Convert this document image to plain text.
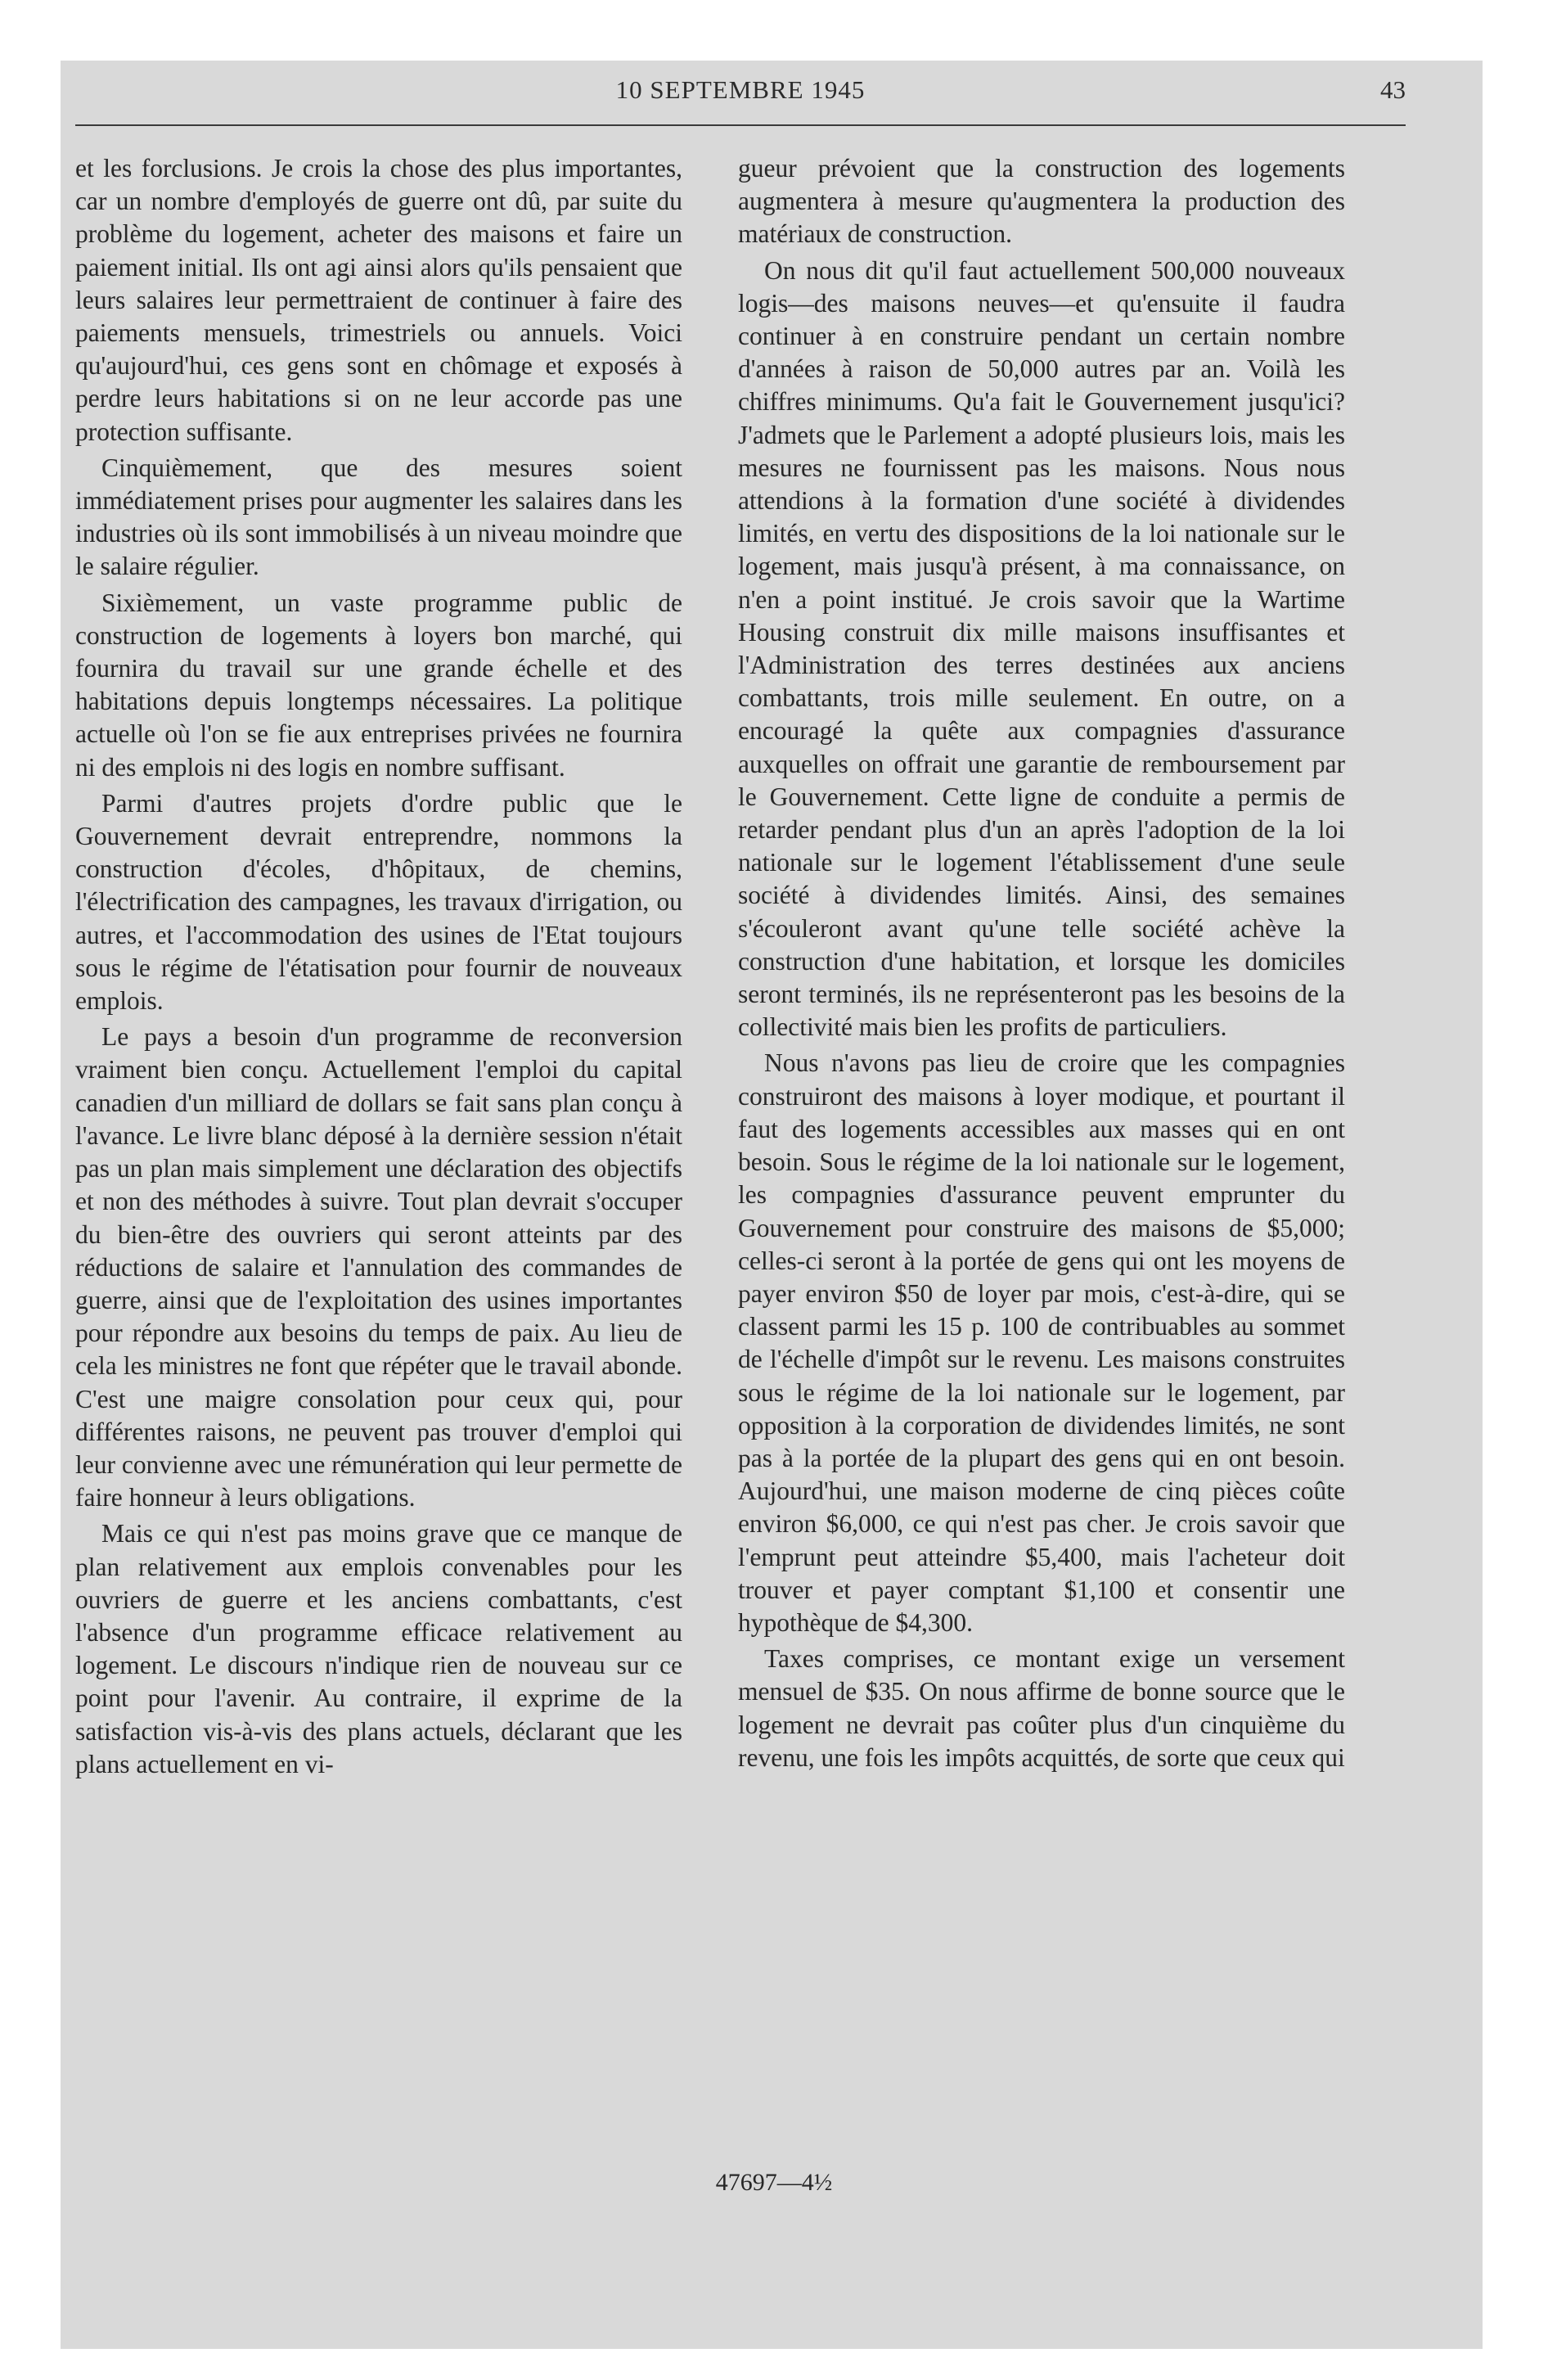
10 SEPTEMBRE 1945	43

et les forclusions. Je crois la chose des plus importantes, car un nombre d'employés de guerre ont dû, par suite du problème du logement, acheter des maisons et faire un paiement initial. Ils ont agi ainsi alors qu'ils pensaient que leurs salaires leur permettraient de continuer à faire des paiements mensuels, trimestriels ou annuels. Voici qu'aujourd'hui, ces gens sont en chômage et exposés à perdre leurs habitations si on ne leur accorde pas une protection suffisante.

Cinquièmement, que des mesures soient immédiatement prises pour augmenter les salaires dans les industries où ils sont immobilisés à un niveau moindre que le salaire régulier.

Sixièmement, un vaste programme public de construction de logements à loyers bon marché, qui fournira du travail sur une grande échelle et des habitations depuis longtemps nécessaires. La politique actuelle où l'on se fie aux entreprises privées ne fournira ni des emplois ni des logis en nombre suffisant.

Parmi d'autres projets d'ordre public que le Gouvernement devrait entreprendre, nommons la construction d'écoles, d'hôpitaux, de chemins, l'électrification des campagnes, les travaux d'irrigation, ou autres, et l'accommodation des usines de l'Etat toujours sous le régime de l'étatisation pour fournir de nouveaux emplois.

Le pays a besoin d'un programme de reconversion vraiment bien conçu. Actuellement l'emploi du capital canadien d'un milliard de dollars se fait sans plan conçu à l'avance. Le livre blanc déposé à la dernière session n'était pas un plan mais simplement une déclaration des objectifs et non des méthodes à suivre. Tout plan devrait s'occuper du bien-être des ouvriers qui seront atteints par des réductions de salaire et l'annulation des commandes de guerre, ainsi que de l'exploitation des usines importantes pour répondre aux besoins du temps de paix. Au lieu de cela les ministres ne font que répéter que le travail abonde. C'est une maigre consolation pour ceux qui, pour différentes raisons, ne peuvent pas trouver d'emploi qui leur convienne avec une rémunération qui leur permette de faire honneur à leurs obligations.

Mais ce qui n'est pas moins grave que ce manque de plan relativement aux emplois convenables pour les ouvriers de guerre et les anciens combattants, c'est l'absence d'un programme efficace relativement au logement. Le discours n'indique rien de nouveau sur ce point pour l'avenir. Au contraire, il exprime de la satisfaction vis-à-vis des plans actuels, déclarant que les plans actuellement en vi-

gueur prévoient que la construction des logements augmentera à mesure qu'augmentera la production des matériaux de construction.

On nous dit qu'il faut actuellement 500,000 nouveaux logis—des maisons neuves—et qu'ensuite il faudra continuer à en construire pendant un certain nombre d'années à raison de 50,000 autres par an. Voilà les chiffres minimums. Qu'a fait le Gouvernement jusqu'ici? J'admets que le Parlement a adopté plusieurs lois, mais les mesures ne fournissent pas les maisons. Nous nous attendions à la formation d'une société à dividendes limités, en vertu des dispositions de la loi nationale sur le logement, mais jusqu'à présent, à ma connaissance, on n'en a point institué. Je crois savoir que la Wartime Housing construit dix mille maisons insuffisantes et l'Administration des terres destinées aux anciens combattants, trois mille seulement. En outre, on a encouragé la quête aux compagnies d'assurance auxquelles on offrait une garantie de remboursement par le Gouvernement. Cette ligne de conduite a permis de retarder pendant plus d'un an après l'adoption de la loi nationale sur le logement l'établissement d'une seule société à dividendes limités. Ainsi, des semaines s'écouleront avant qu'une telle société achève la construction d'une habitation, et lorsque les domiciles seront terminés, ils ne représenteront pas les besoins de la collectivité mais bien les profits de particuliers.

Nous n'avons pas lieu de croire que les compagnies construiront des maisons à loyer modique, et pourtant il faut des logements accessibles aux masses qui en ont besoin. Sous le régime de la loi nationale sur le logement, les compagnies d'assurance peuvent emprunter du Gouvernement pour construire des maisons de $5,000; celles-ci seront à la portée de gens qui ont les moyens de payer environ $50 de loyer par mois, c'est-à-dire, qui se classent parmi les 15 p. 100 de contribuables au sommet de l'échelle d'impôt sur le revenu. Les maisons construites sous le régime de la loi nationale sur le logement, par opposition à la corporation de dividendes limités, ne sont pas à la portée de la plupart des gens qui en ont besoin. Aujourd'hui, une maison moderne de cinq pièces coûte environ $6,000, ce qui n'est pas cher. Je crois savoir que l'emprunt peut atteindre $5,400, mais l'acheteur doit trouver et payer comptant $1,100 et consentir une hypothèque de $4,300.

Taxes comprises, ce montant exige un versement mensuel de $35. On nous affirme de bonne source que le logement ne devrait pas coûter plus d'un cinquième du revenu, une fois les impôts acquittés, de sorte que ceux qui

47697—4½
